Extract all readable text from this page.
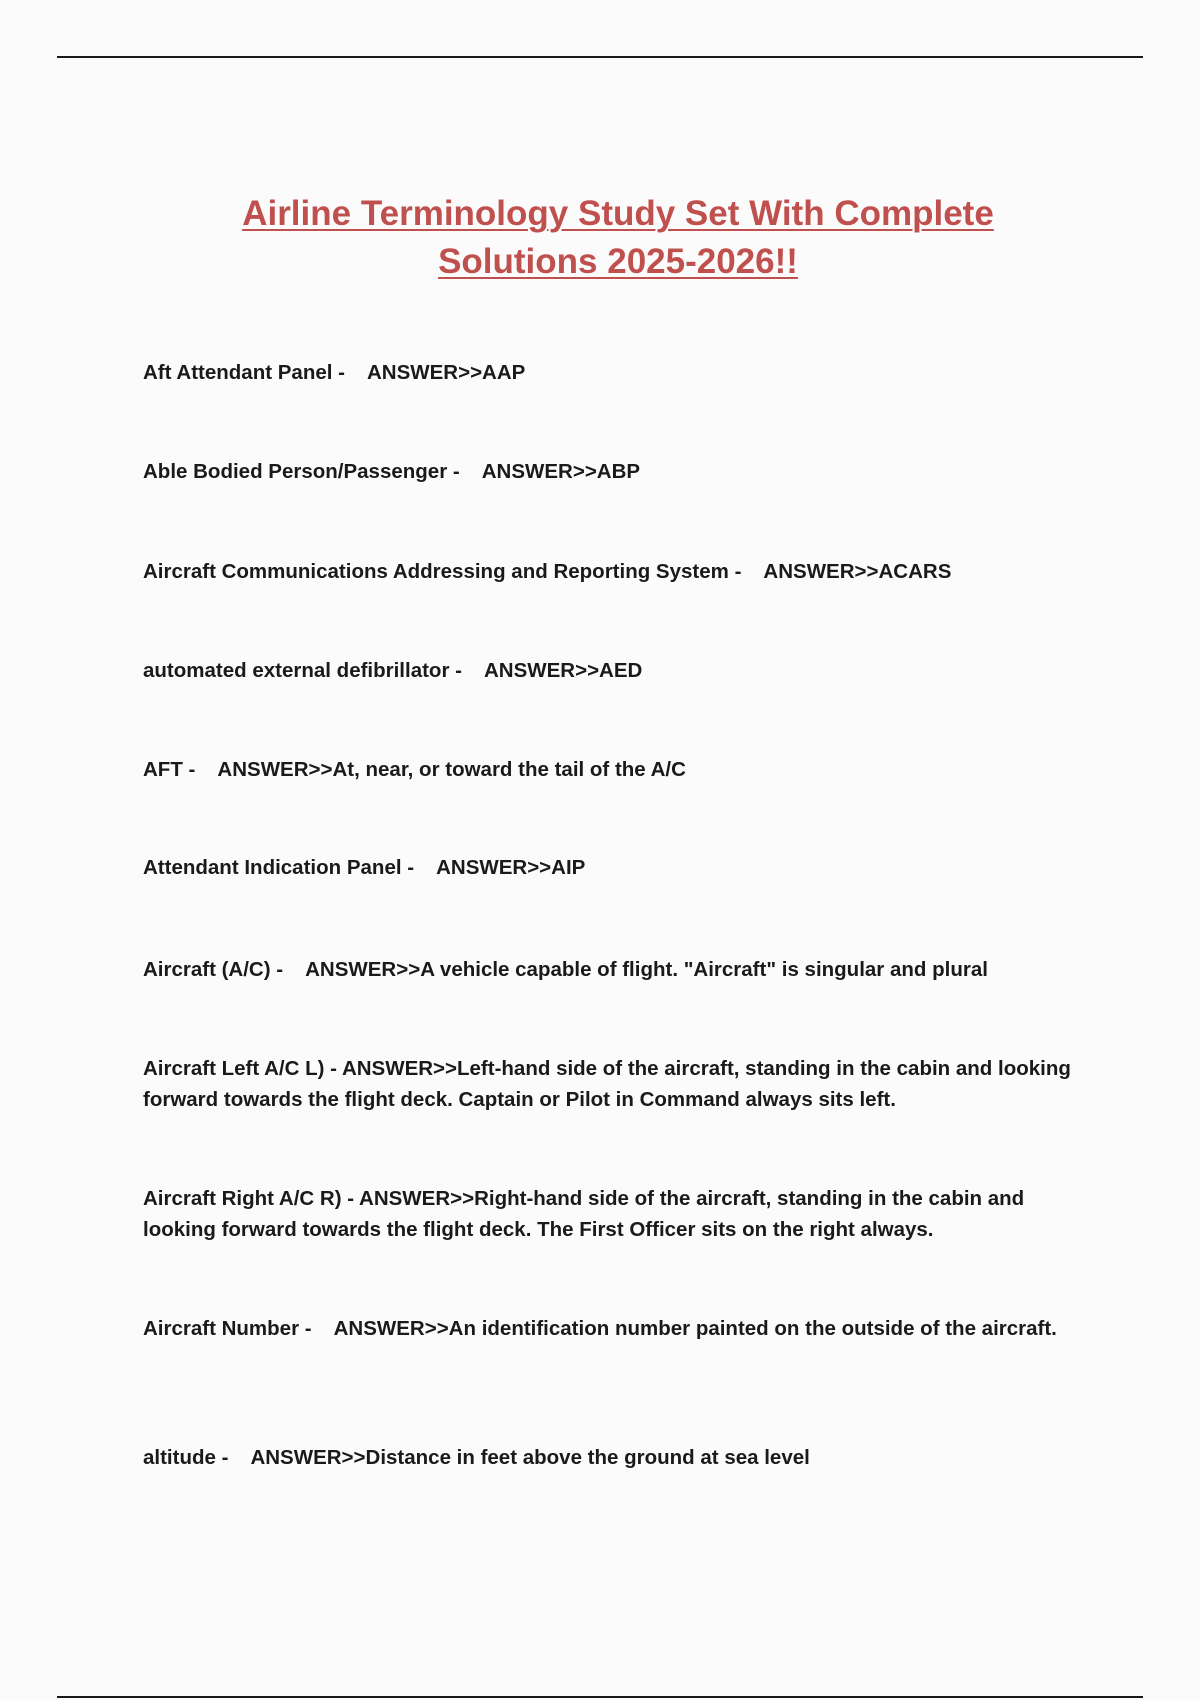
Airline Terminology Study Set With Complete
Solutions 2025-2026!!

Aft Attendant Panel -    ANSWER>>AAP

Able Bodied Person/Passenger -    ANSWER>>ABP

Aircraft Communications Addressing and Reporting System -    ANSWER>>ACARS

automated external defibrillator -    ANSWER>>AED

AFT -    ANSWER>>At, near, or toward the tail of the A/C

Attendant Indication Panel -    ANSWER>>AIP

Aircraft (A/C) -    ANSWER>>A vehicle capable of flight. "Aircraft" is singular and plural

Aircraft Left A/C L) - ANSWER>>Left-hand side of the aircraft, standing in the cabin and looking forward towards the flight deck. Captain or Pilot in Command always sits left.

Aircraft Right A/C R) - ANSWER>>Right-hand side of the aircraft, standing in the cabin and looking forward towards the flight deck. The First Officer sits on the right always.

Aircraft Number -    ANSWER>>An identification number painted on the outside of the aircraft.

altitude -    ANSWER>>Distance in feet above the ground at sea level
